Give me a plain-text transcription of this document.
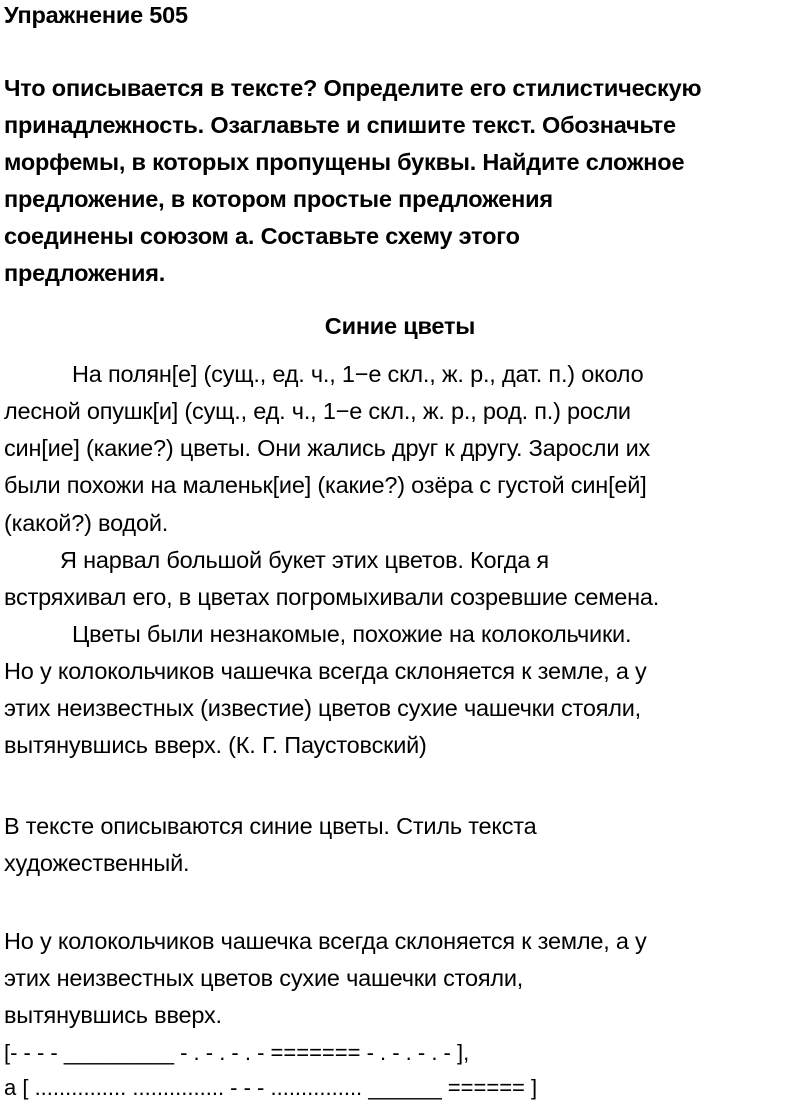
Упражнение 505
Что описывается в тексте? Определите его стилистическую
принадлежность. Озаглавьте и спишите текст. Обозначьте
морфемы, в которых пропущены буквы. Найдите сложное
предложение, в котором простые предложения
соединены союзом а. Составьте схему этого
предложения.
Синие цветы
На полян[е] (сущ., ед. ч., 1−е скл., ж. р., дат. п.) около
лесной опушк[и] (сущ., ед. ч., 1−е скл., ж. р., род. п.) росли
син[ие] (какие?) цветы. Они жались друг к другу. Заросли их
были похожи на маленьк[ие] (какие?) озёра с густой син[ей]
(какой?) водой.
Я нарвал большой букет этих цветов. Когда я
встряхивал его, в цветах погромыхивали созревшие семена.
Цветы были незнакомые, похожие на колокольчики.
Но у колокольчиков чашечка всегда склоняется к земле, а у
этих неизвестных (известие) цветов сухие чашечки стояли,
вытянувшись вверх. (К. Г. Паустовский)
В тексте описываются синие цветы. Стиль текста
художественный.
Но у колокольчиков чашечка всегда склоняется к земле, а у
этих неизвестных цветов сухие чашечки стояли,
вытянувшись вверх.
[- - - - _________ - . - . - . - ======= - . - . - . - ],
а [ ............... ............... - - - ............... ______ ====== ]
